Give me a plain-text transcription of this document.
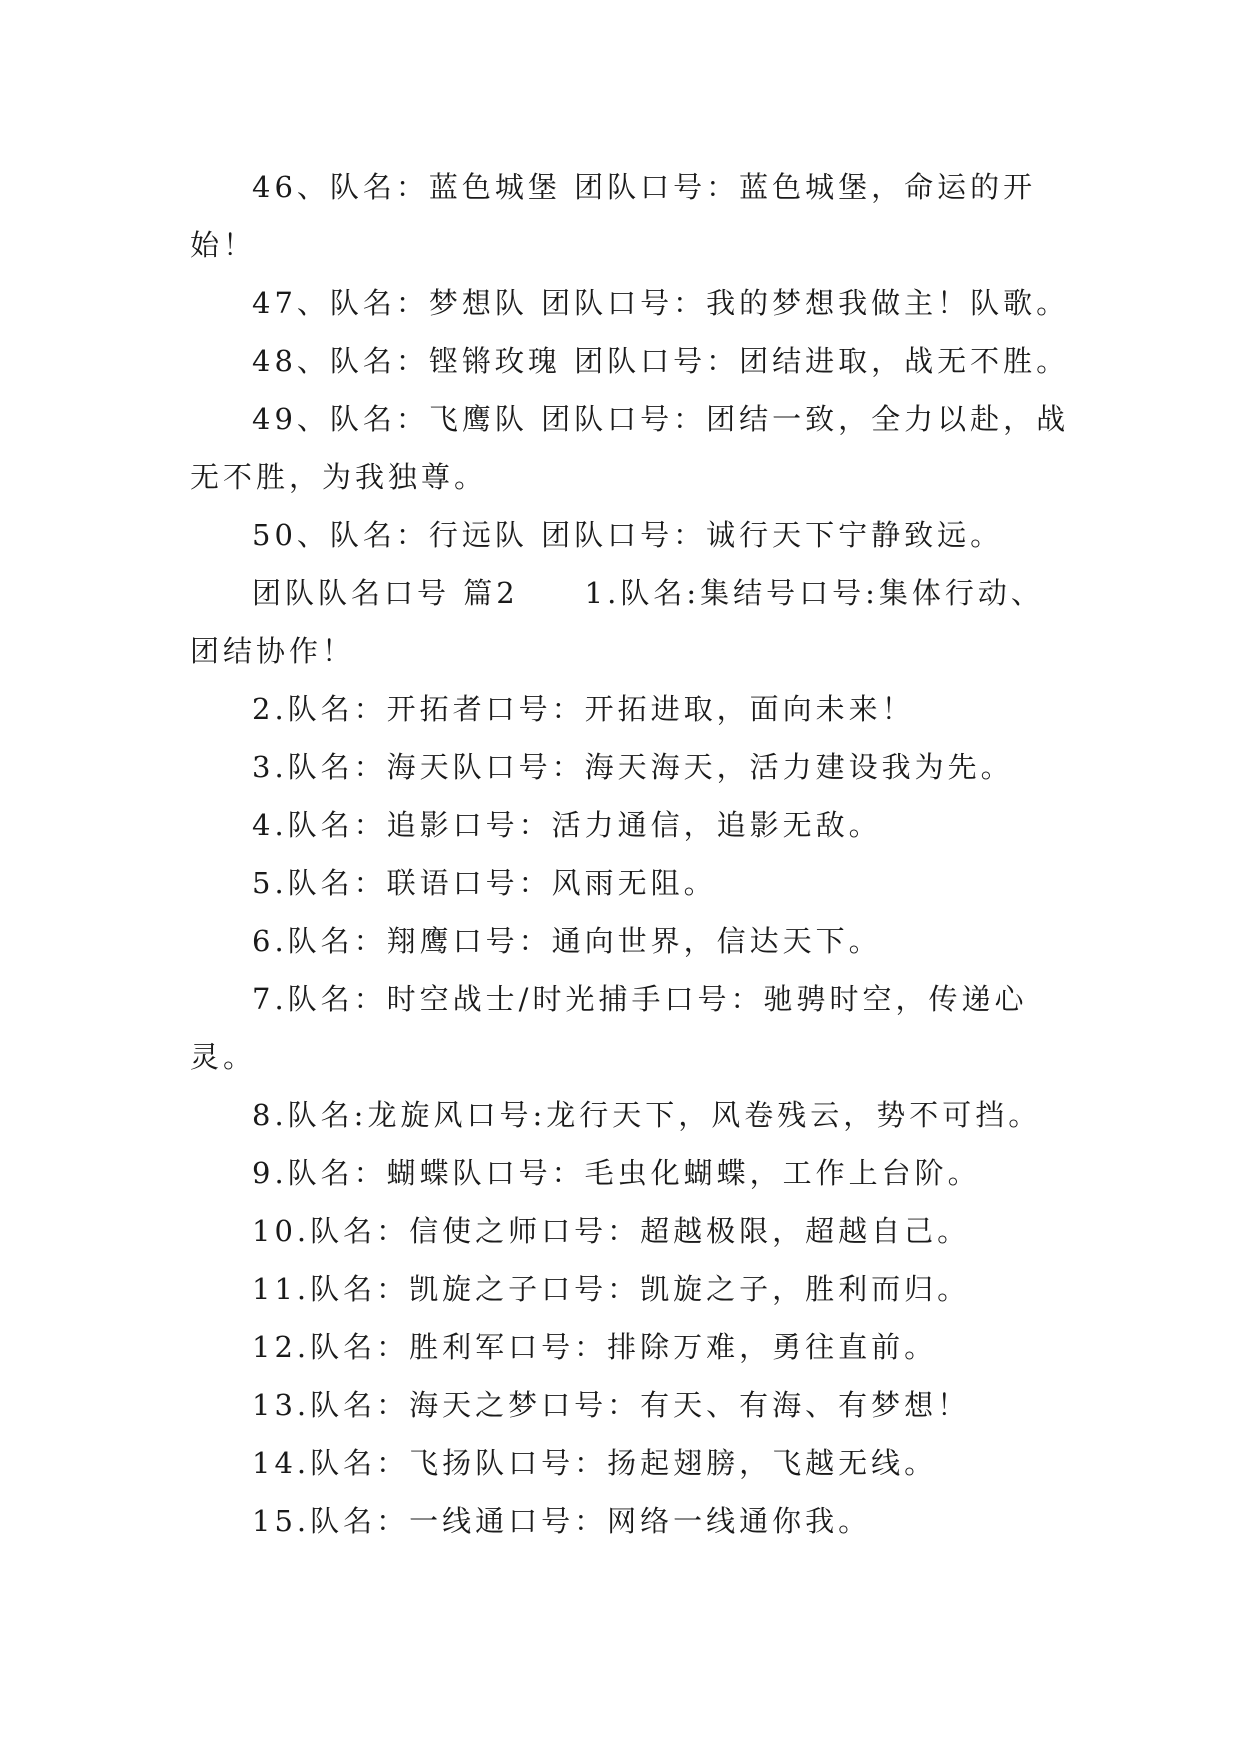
46、队名：蓝色城堡 团队口号：蓝色城堡，命运的开始！

47、队名：梦想队 团队口号：我的梦想我做主！队歌。

48、队名：铿锵玫瑰 团队口号：团结进取，战无不胜。

49、队名：飞鹰队 团队口号：团结一致，全力以赴，战无不胜，为我独尊。

50、队名：行远队 团队口号：诚行天下宁静致远。

团队队名口号 篇2　　1.队名:集结号口号:集体行动、团结协作！

2.队名：开拓者口号：开拓进取，面向未来！

3.队名：海天队口号：海天海天，活力建设我为先。

4.队名：追影口号：活力通信，追影无敌。

5.队名：联语口号：风雨无阻。

6.队名：翔鹰口号：通向世界，信达天下。

7.队名：时空战士/时光捕手口号：驰骋时空，传递心灵。

8.队名:龙旋风口号:龙行天下，风卷残云，势不可挡。

9.队名：蝴蝶队口号：毛虫化蝴蝶，工作上台阶。

10.队名：信使之师口号：超越极限，超越自己。

11.队名：凯旋之子口号：凯旋之子，胜利而归。

12.队名：胜利军口号：排除万难，勇往直前。

13.队名：海天之梦口号：有天、有海、有梦想！

14.队名：飞扬队口号：扬起翅膀，飞越无线。

15.队名：一线通口号：网络一线通你我。
